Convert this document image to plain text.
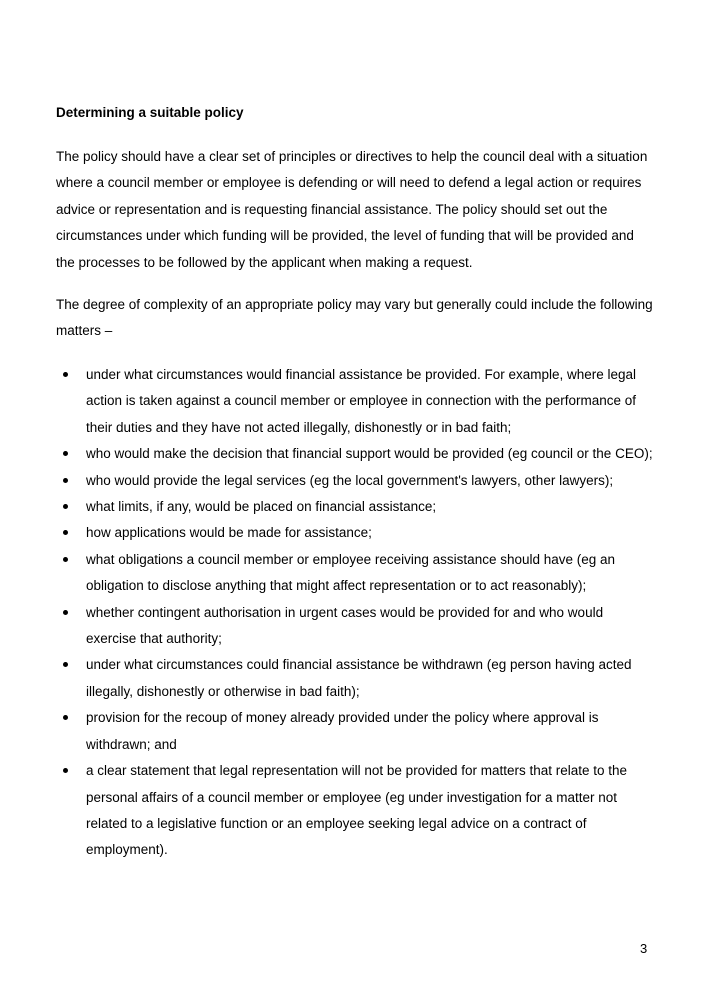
Determining a suitable policy

The policy should have a clear set of principles or directives to help the council deal with a situation where a council member or employee is defending or will need to defend a legal action or requires advice or representation and is requesting financial assistance. The policy should set out the circumstances under which funding will be provided, the level of funding that will be provided and the processes to be followed by the applicant when making a request.

The degree of complexity of an appropriate policy may vary but generally could include the following matters –

under what circumstances would financial assistance be provided. For example, where legal action is taken against a council member or employee in connection with the performance of their duties and they have not acted illegally, dishonestly or in bad faith;
who would make the decision that financial support would be provided (eg council or the CEO);
who would provide the legal services (eg the local government's lawyers, other lawyers);
what limits, if any, would be placed on financial assistance;
how applications would be made for assistance;
what obligations a council member or employee receiving assistance should have (eg an obligation to disclose anything that might affect representation or to act reasonably);
whether contingent authorisation in urgent cases would be provided for and who would exercise that authority;
under what circumstances could financial assistance be withdrawn (eg person having acted illegally, dishonestly or otherwise in bad faith);
provision for the recoup of money already provided under the policy where approval is withdrawn; and
a clear statement that legal representation will not be provided for matters that relate to the personal affairs of a council member or employee (eg under investigation for a matter not related to a legislative function or an employee seeking legal advice on a contract of employment).
3
